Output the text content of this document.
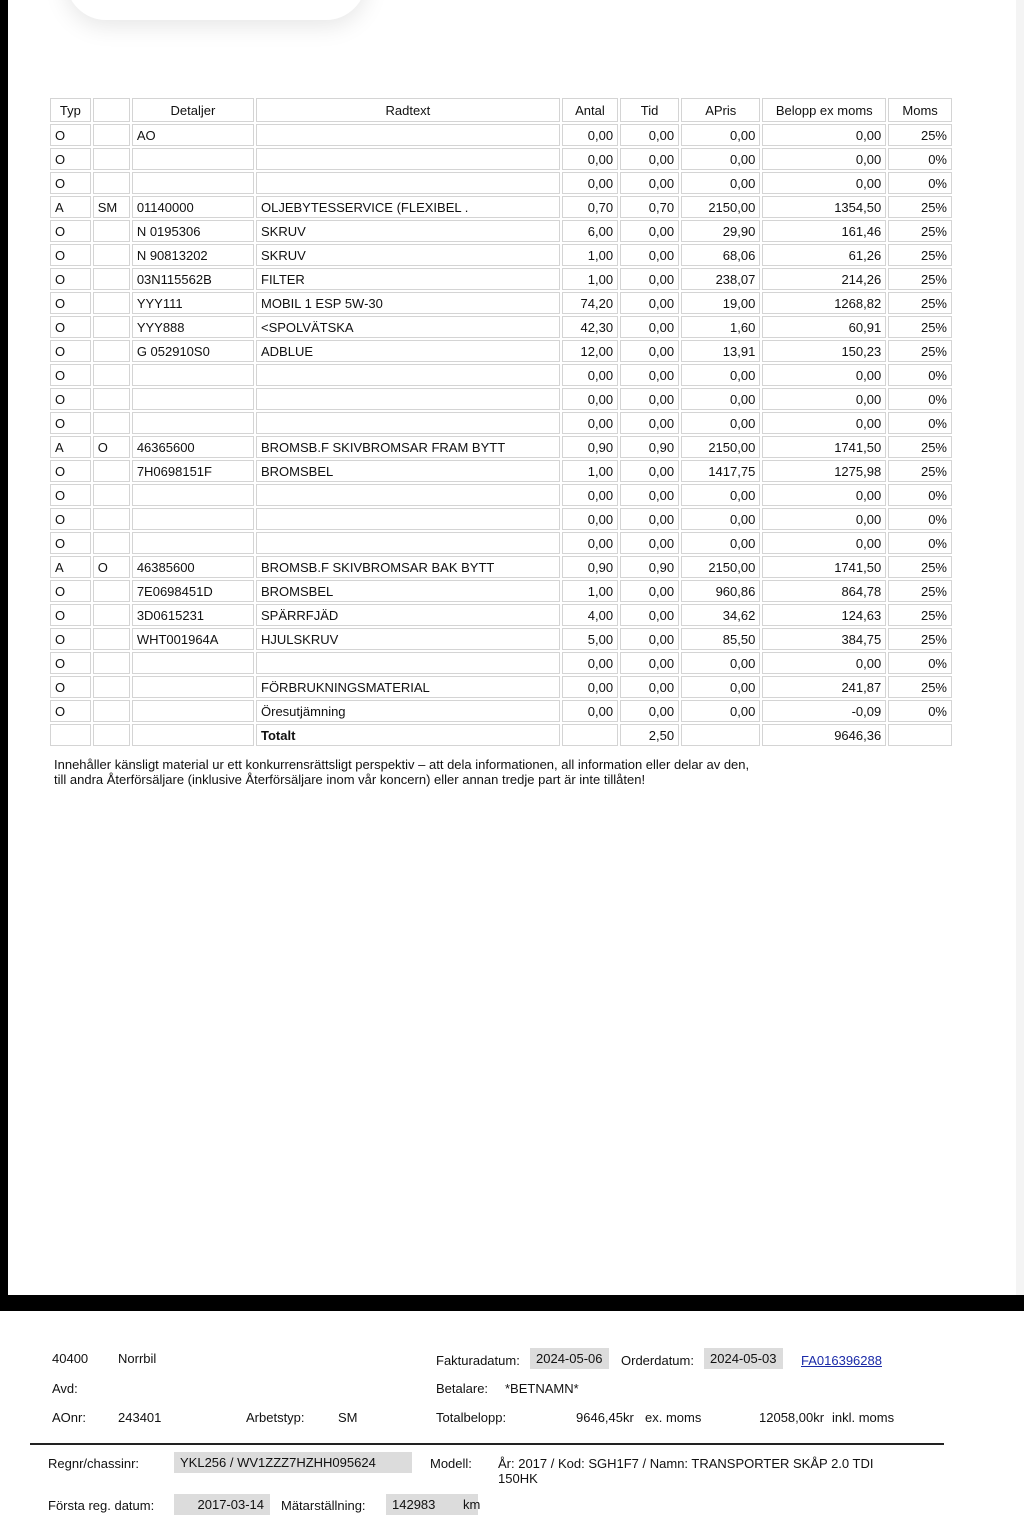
Typ		Detaljer	Radtext	Antal	Tid	APris	Belopp ex moms	Moms
O		AO		0,00	0,00	0,00	0,00	25%
O				0,00	0,00	0,00	0,00	0%
O				0,00	0,00	0,00	0,00	0%
A	SM	01140000	OLJEBYTESSERVICE (FLEXIBEL .	0,70	0,70	2150,00	1354,50	25%
O		N 0195306	SKRUV	6,00	0,00	29,90	161,46	25%
O		N 90813202	SKRUV	1,00	0,00	68,06	61,26	25%
O		03N115562B	FILTER	1,00	0,00	238,07	214,26	25%
O		YYY111	MOBIL 1 ESP 5W-30	74,20	0,00	19,00	1268,82	25%
O		YYY888	<SPOLVÄTSKA	42,30	0,00	1,60	60,91	25%
O		G 052910S0	ADBLUE	12,00	0,00	13,91	150,23	25%
O				0,00	0,00	0,00	0,00	0%
O				0,00	0,00	0,00	0,00	0%
O				0,00	0,00	0,00	0,00	0%
A	O	46365600	BROMSB.F SKIVBROMSAR FRAM BYTT	0,90	0,90	2150,00	1741,50	25%
O		7H0698151F	BROMSBEL	1,00	0,00	1417,75	1275,98	25%
O				0,00	0,00	0,00	0,00	0%
O				0,00	0,00	0,00	0,00	0%
O				0,00	0,00	0,00	0,00	0%
A	O	46385600	BROMSB.F SKIVBROMSAR BAK BYTT	0,90	0,90	2150,00	1741,50	25%
O		7E0698451D	BROMSBEL	1,00	0,00	960,86	864,78	25%
O		3D0615231	SPÄRRFJÄD	4,00	0,00	34,62	124,63	25%
O		WHT001964A	HJULSKRUV	5,00	0,00	85,50	384,75	25%
O				0,00	0,00	0,00	0,00	0%
O			FÖRBRUKNINGSMATERIAL	0,00	0,00	0,00	241,87	25%
O			Öresutjämning	0,00	0,00	0,00	-0,09	0%
			Totalt		2,50		9646,36	
Innehåller känsligt material ur ett konkurrensrättsligt perspektiv – att dela informationen, all information eller delar av den,
till andra Återförsäljare (inklusive Återförsäljare inom vår koncern) eller annan tredje part är inte tillåten!
40400 Norrbil
Avd:
AOnr: 243401	Arbetstyp:	SM
Fakturadatum:	2024-05-06	Orderdatum:	2024-05-03	FA016396288
Betalare: *BETNAMN*
Totalbelopp:	9646,45kr ex. moms	12058,00kr inkl. moms
Regnr/chassinr:	YKL256 / WV1ZZZ7HZHH095624	Modell: År: 2017 / Kod: SGH1F7 / Namn: TRANSPORTER SKÅP 2.0 TDI
150HK
Första reg. datum:	2017-03-14	Mätarställning:	142983 km
